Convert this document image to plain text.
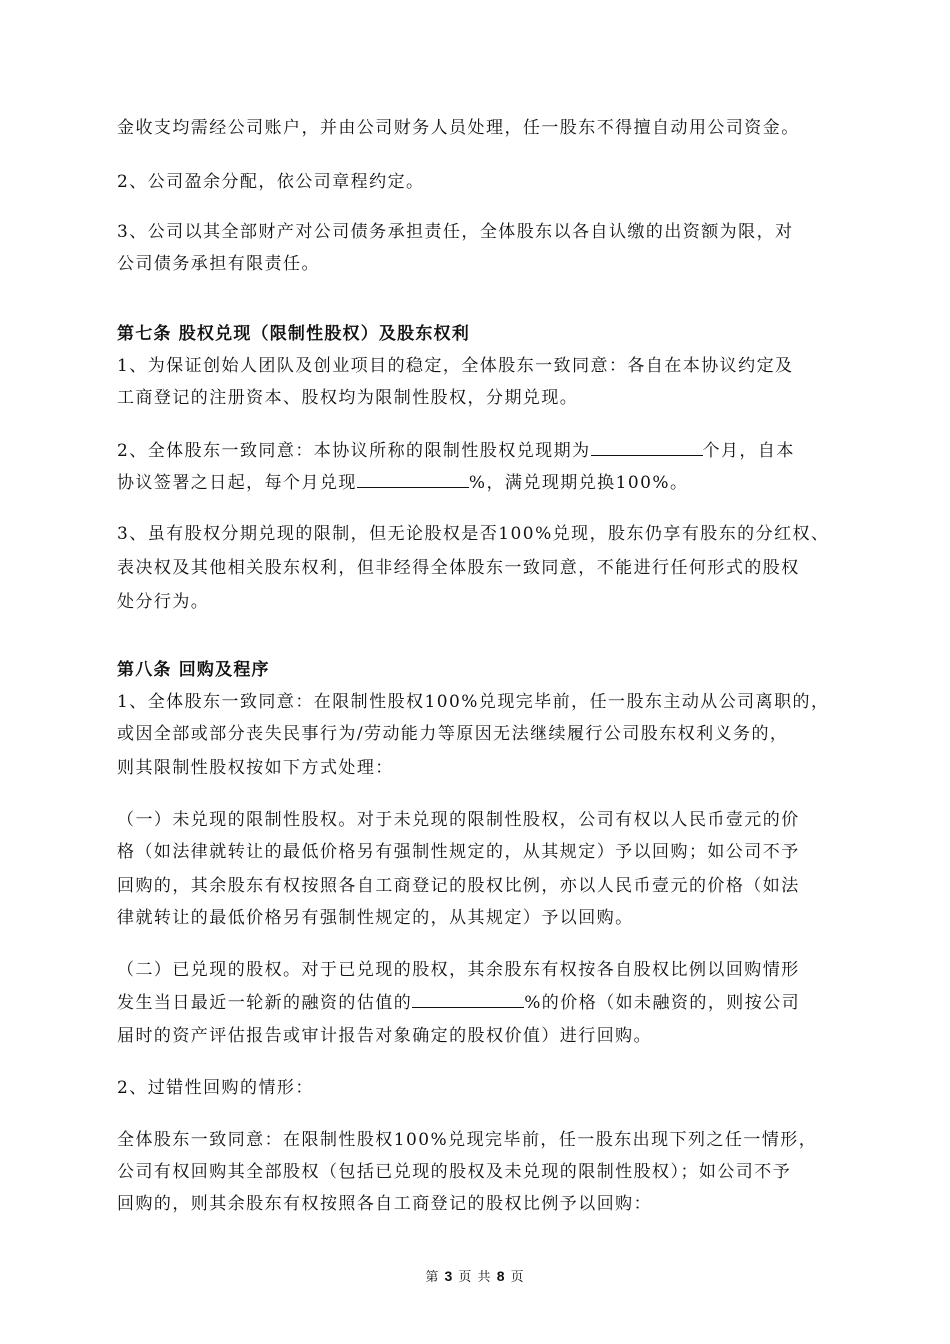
金收支均需经公司账户，并由公司财务人员处理，任一股东不得擅自动用公司资金。
2、公司盈余分配，依公司章程约定。
3、公司以其全部财产对公司债务承担责任，全体股东以各自认缴的出资额为限，对
公司债务承担有限责任。
第七条 股权兑现（限制性股权）及股东权利
1、为保证创始人团队及创业项目的稳定，全体股东一致同意：各自在本协议约定及
工商登记的注册资本、股权均为限制性股权，分期兑现。
2、全体股东一致同意：本协议所称的限制性股权兑现期为	个月，自本
协议签署之日起，每个月兑现	%，满兑现期兑换100%。
3、虽有股权分期兑现的限制，但无论股权是否100%兑现，股东仍享有股东的分红权、
表决权及其他相关股东权利，但非经得全体股东一致同意，不能进行任何形式的股权
处分行为。
第八条 回购及程序
1、全体股东一致同意：在限制性股权100%兑现完毕前，任一股东主动从公司离职的，
或因全部或部分丧失民事行为/劳动能力等原因无法继续履行公司股东权利义务的，
则其限制性股权按如下方式处理：
（一）未兑现的限制性股权。对于未兑现的限制性股权，公司有权以人民币壹元的价
格（如法律就转让的最低价格另有强制性规定的，从其规定）予以回购；如公司不予
回购的，其余股东有权按照各自工商登记的股权比例，亦以人民币壹元的价格（如法
律就转让的最低价格另有强制性规定的，从其规定）予以回购。
（二）已兑现的股权。对于已兑现的股权，其余股东有权按各自股权比例以回购情形
发生当日最近一轮新的融资的估值的	%的价格（如未融资的，则按公司
届时的资产评估报告或审计报告对象确定的股权价值）进行回购。
2、过错性回购的情形：
全体股东一致同意：在限制性股权100%兑现完毕前，任一股东出现下列之任一情形，
公司有权回购其全部股权（包括已兑现的股权及未兑现的限制性股权）；如公司不予
回购的，则其余股东有权按照各自工商登记的股权比例予以回购：
第 3 页 共 8 页
